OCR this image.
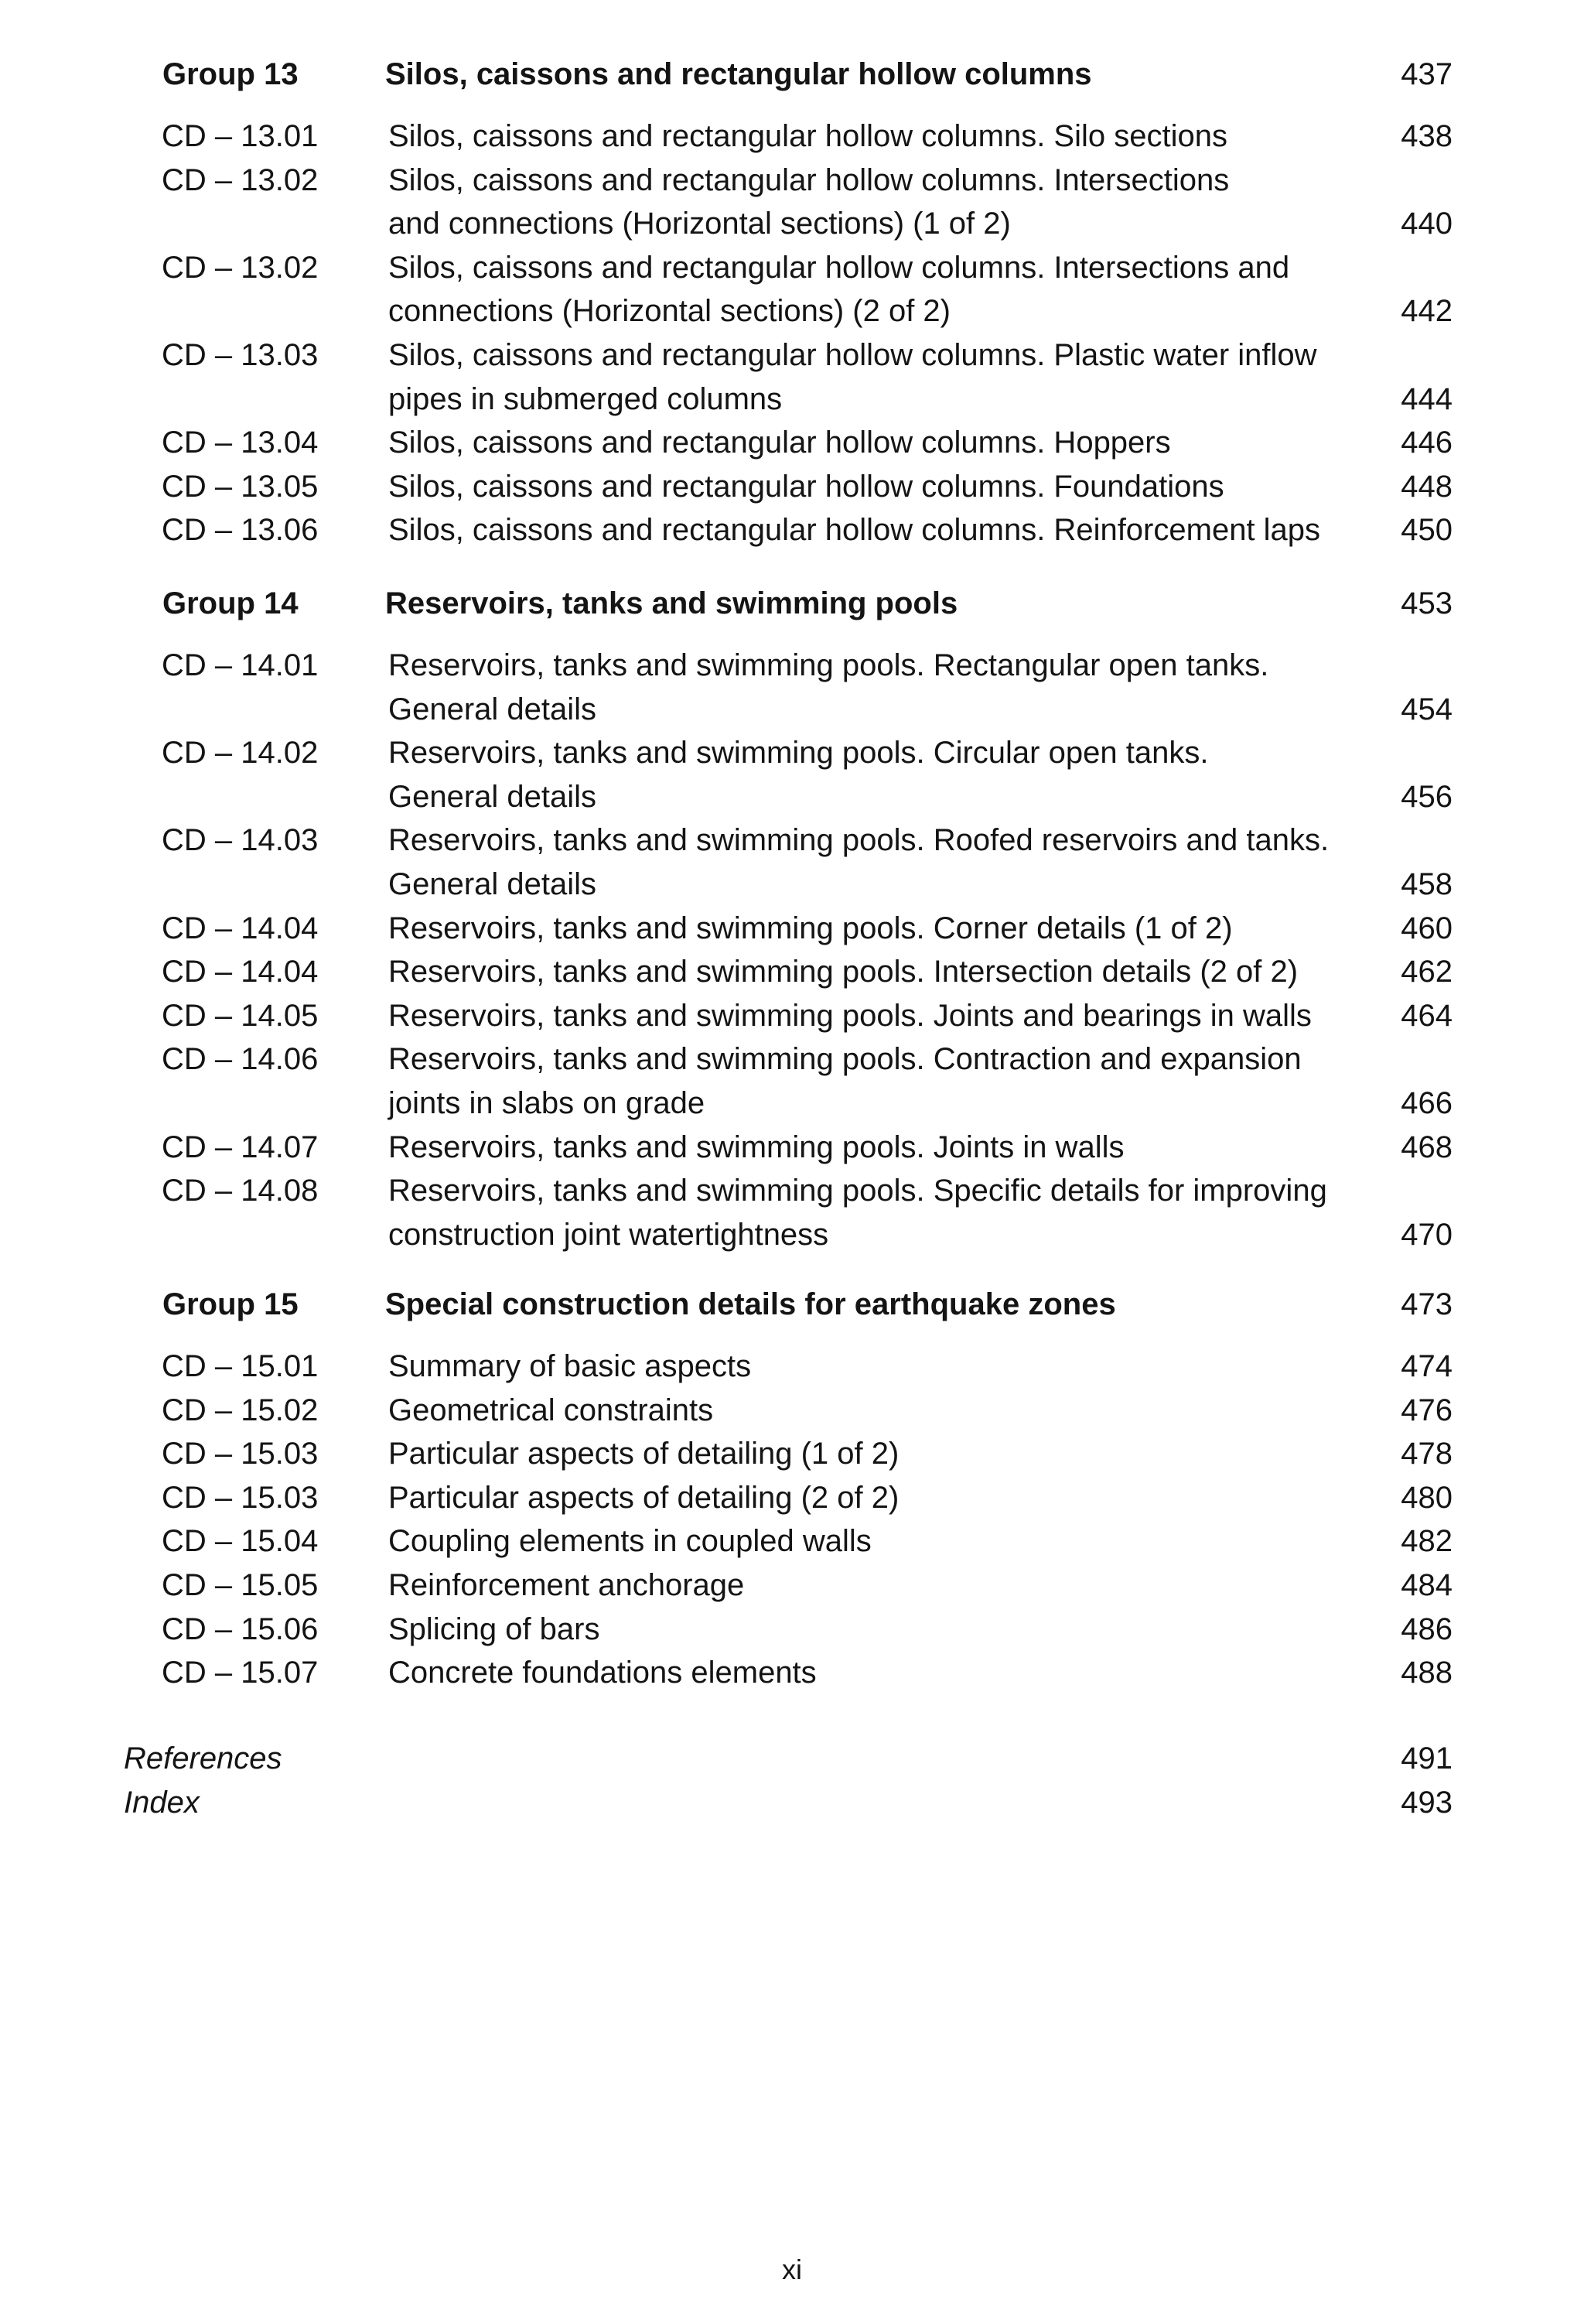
Group 13	Silos, caissons and rectangular hollow columns	437
CD – 13.01 Silos, caissons and rectangular hollow columns. Silo sections	438
CD – 13.02 Silos, caissons and rectangular hollow columns. Intersections
and connections (Horizontal sections) (1 of 2)	440
CD – 13.02 Silos, caissons and rectangular hollow columns. Intersections and
connections (Horizontal sections) (2 of 2)	442
CD – 13.03 Silos, caissons and rectangular hollow columns. Plastic water inflow
pipes in submerged columns	444
CD – 13.04 Silos, caissons and rectangular hollow columns. Hoppers	446
CD – 13.05 Silos, caissons and rectangular hollow columns. Foundations	448
CD – 13.06 Silos, caissons and rectangular hollow columns. Reinforcement laps	450
Group 14	Reservoirs, tanks and swimming pools	453
CD – 14.01 Reservoirs, tanks and swimming pools. Rectangular open tanks.
General details	454
CD – 14.02 Reservoirs, tanks and swimming pools. Circular open tanks.
General details	456
CD – 14.03 Reservoirs, tanks and swimming pools. Roofed reservoirs and tanks.
General details	458
CD – 14.04 Reservoirs, tanks and swimming pools. Corner details (1 of 2)	460
CD – 14.04 Reservoirs, tanks and swimming pools. Intersection details (2 of 2)	462
CD – 14.05 Reservoirs, tanks and swimming pools. Joints and bearings in walls	464
CD – 14.06 Reservoirs, tanks and swimming pools. Contraction and expansion
joints in slabs on grade	466
CD – 14.07 Reservoirs, tanks and swimming pools. Joints in walls	468
CD – 14.08 Reservoirs, tanks and swimming pools. Specific details for improving
construction joint watertightness	470
Group 15	Special construction details for earthquake zones	473
CD – 15.01 Summary of basic aspects	474
CD – 15.02 Geometrical constraints	476
CD – 15.03 Particular aspects of detailing (1 of 2)	478
CD – 15.03 Particular aspects of detailing (2 of 2)	480
CD – 15.04 Coupling elements in coupled walls	482
CD – 15.05 Reinforcement anchorage	484
CD – 15.06 Splicing of bars	486
CD – 15.07 Concrete foundations elements	488
References	491
Index	493
xi
